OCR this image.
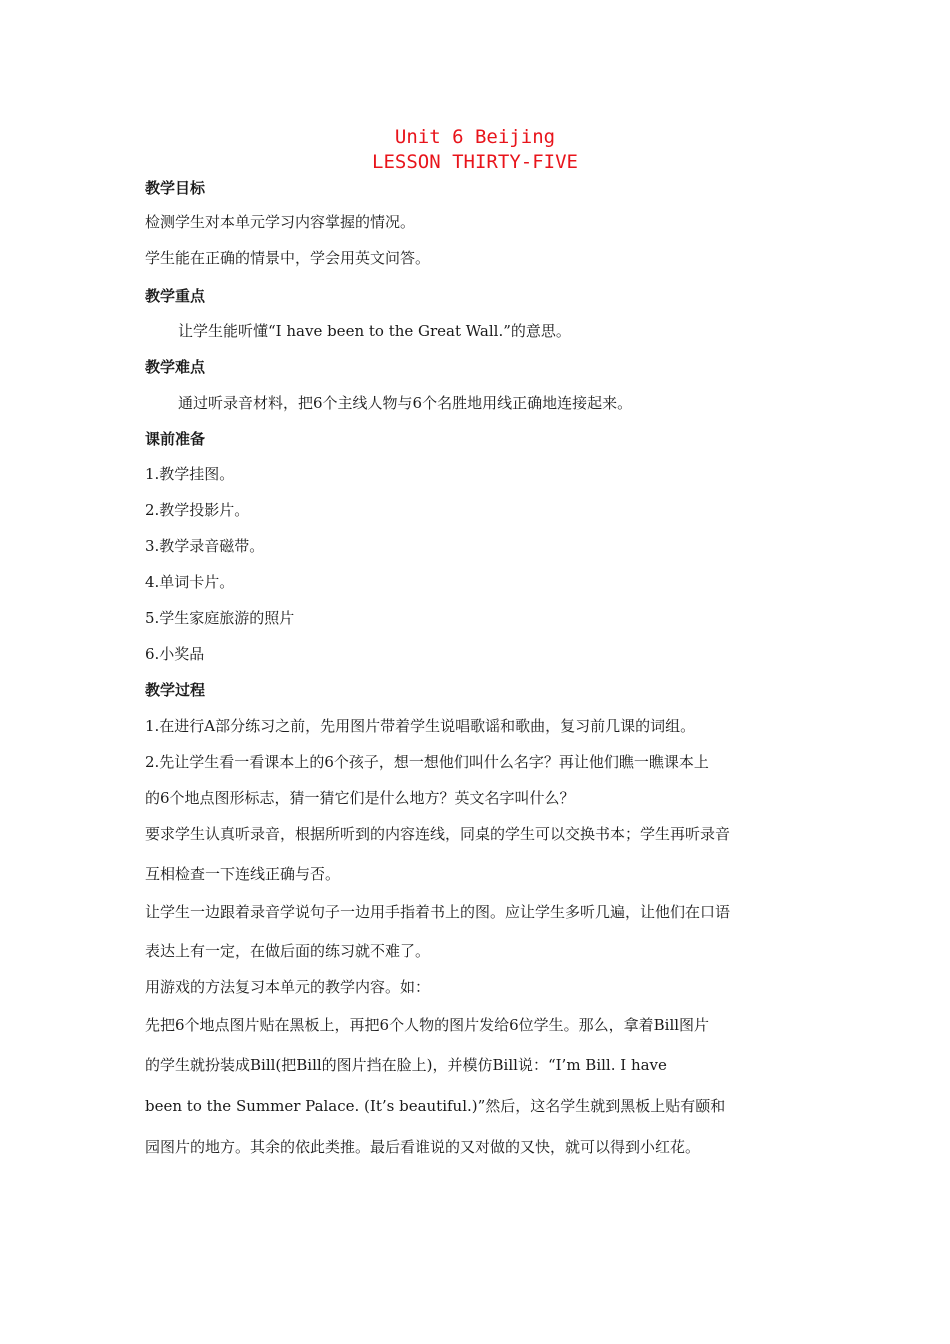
Unit 6 Beijing
LESSON THIRTY-FIVE
教学目标
检测学生对本单元学习内容掌握的情况。
学生能在正确的情景中，学会用英文问答。
教学重点
让学生能听懂“I have been to the Great Wall.”的意思。
教学难点
通过听录音材料，把6个主线人物与6个名胜地用线正确地连接起来。
课前准备
1.教学挂图。
2.教学投影片。
3.教学录音磁带。
4.单词卡片。
5.学生家庭旅游的照片
6.小奖品
教学过程
1.在进行A部分练习之前，先用图片带着学生说唱歌谣和歌曲，复习前几课的词组。
2.先让学生看一看课本上的6个孩子，想一想他们叫什么名字？再让他们瞧一瞧课本上
的6个地点图形标志，猜一猜它们是什么地方？英文名字叫什么？
要求学生认真听录音，根据所听到的内容连线，同桌的学生可以交换书本；学生再听录音
互相检查一下连线正确与否。
让学生一边跟着录音学说句子一边用手指着书上的图。应让学生多听几遍，让他们在口语
表达上有一定，在做后面的练习就不难了。
用游戏的方法复习本单元的教学内容。如：
先把6个地点图片贴在黑板上，再把6个人物的图片发给6位学生。那么，拿着Bill图片
的学生就扮装成Bill(把Bill的图片挡在脸上)，并模仿Bill说：“I’m Bill. I have
been to the Summer Palace. (It’s beautiful.)”然后，这名学生就到黑板上贴有颐和
园图片的地方。其余的依此类推。最后看谁说的又对做的又快，就可以得到小红花。
